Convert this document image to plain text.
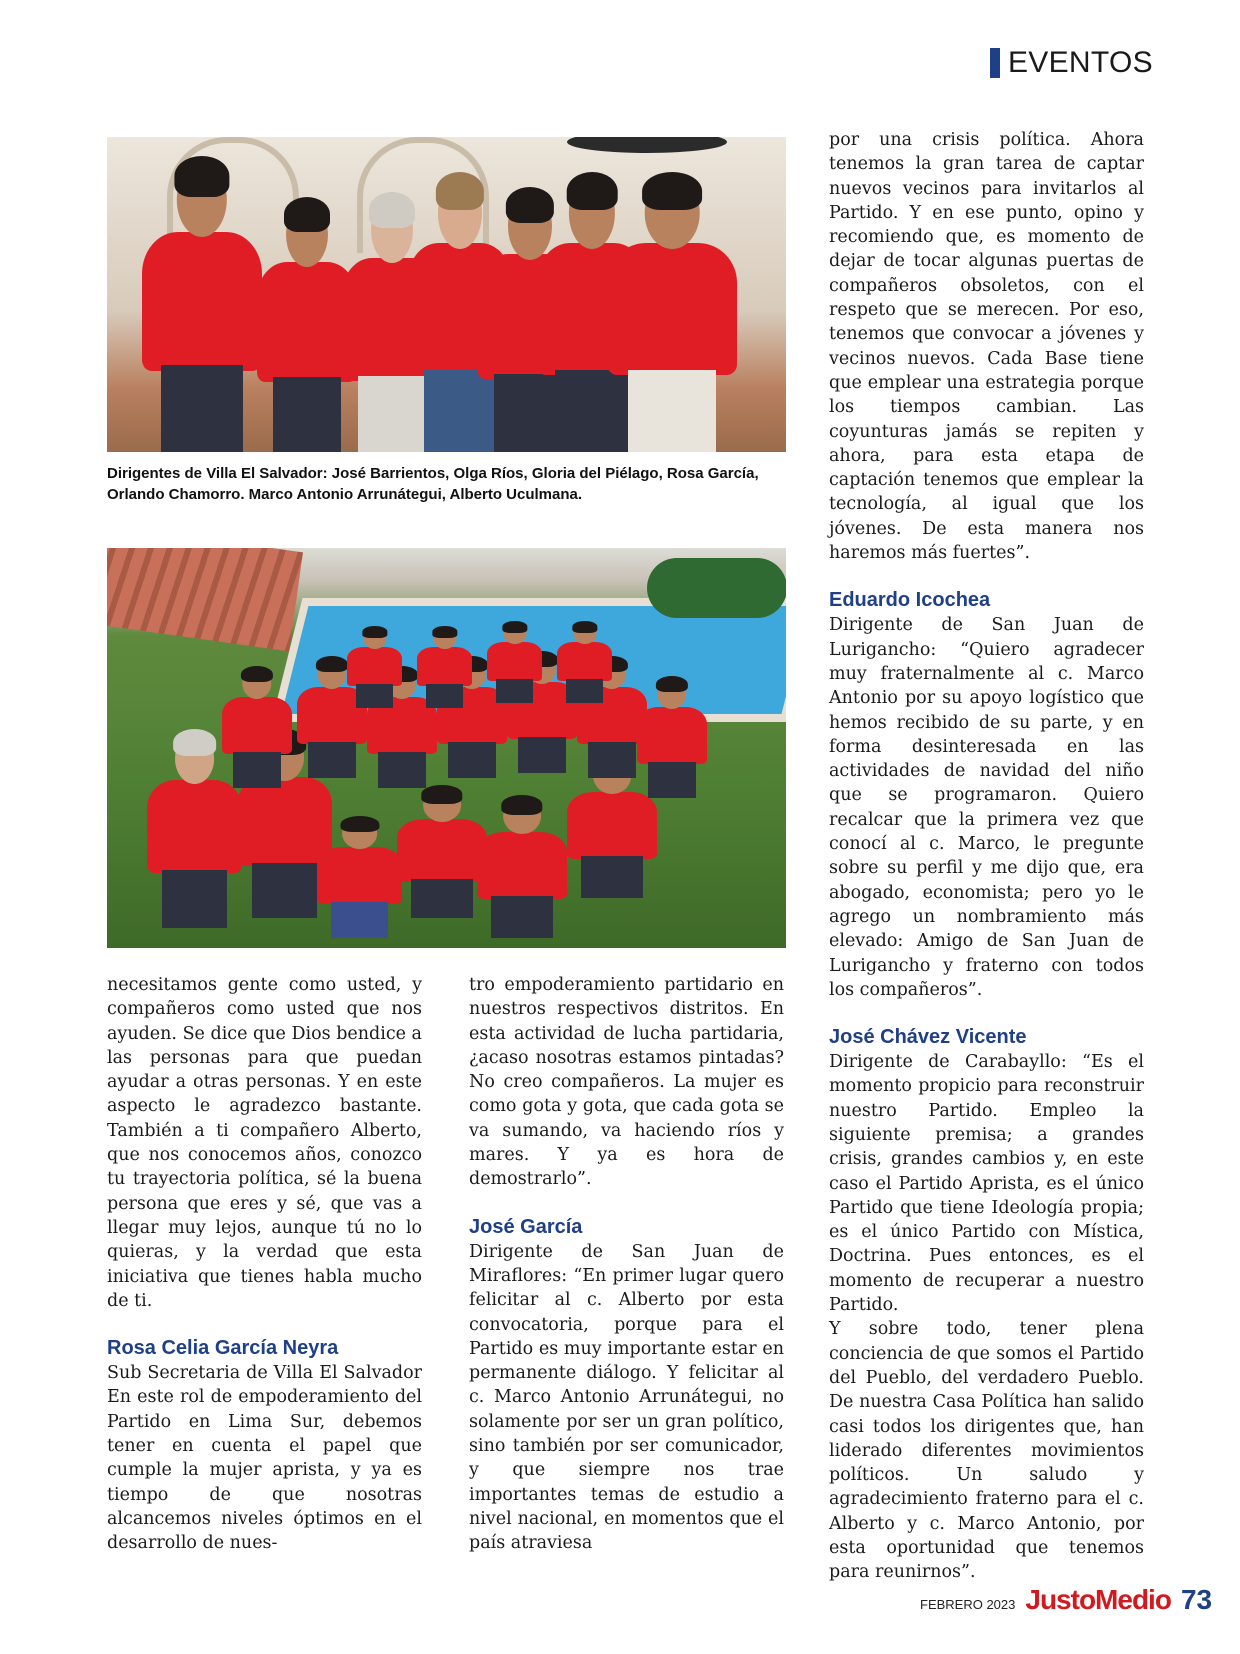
EVENTOS
Dirigentes de Villa El Salvador: José Barrientos, Olga Ríos, Gloria del Piélago, Rosa García, Orlando Chamorro. Marco Antonio Arrunátegui, Alberto Uculmana.

necesitamos gente como usted, y compañeros como usted que nos ayuden. Se dice que Dios bendice a las personas para que puedan ayudar a otras personas. Y en este aspecto le agradezco bastante. También a ti compañero Alberto, que nos conocemos años, conozco tu trayectoria política, sé la buena persona que eres y sé, que vas a llegar muy lejos, aunque tú no lo quieras, y la verdad que esta iniciativa que tienes habla mucho de ti.

Rosa Celia García Neyra

Sub Secretaria de Villa El Salvador En este rol de empoderamiento del Partido en Lima Sur, debemos tener en cuenta el papel que cumple la mujer aprista, y ya es tiempo de que nosotras alcancemos niveles óptimos en el desarrollo de nues-

tro empoderamiento partidario en nuestros respectivos distritos. En esta actividad de lucha partidaria, ¿acaso nosotras estamos pintadas? No creo compañeros. La mujer es como gota y gota, que cada gota se va sumando, va haciendo ríos y mares. Y ya es hora de demostrarlo”.

José García

Dirigente de San Juan de Miraflores: “En primer lugar quero felicitar al c. Alberto por esta convocatoria, porque para el Partido es muy importante estar en permanente diálogo. Y felicitar al c. Marco Antonio Arrunátegui, no solamente por ser un gran político, sino también por ser comunicador, y que siempre nos trae importantes temas de estudio a nivel nacional, en momentos que el país atraviesa

por una crisis política. Ahora tenemos la gran tarea de captar nuevos vecinos para invitarlos al Partido. Y en ese punto, opino y recomiendo que, es momento de dejar de tocar algunas puertas de compañeros obsoletos, con el respeto que se merecen. Por eso, tenemos que convocar a jóvenes y vecinos nuevos. Cada Base tiene que emplear una estrategia porque los tiempos cambian. Las coyunturas jamás se repiten y ahora, para esta etapa de captación tenemos que emplear la tecnología, al igual que los jóvenes. De esta manera nos haremos más fuertes”.

Eduardo Icochea

Dirigente de San Juan de Lurigancho: “Quiero agradecer muy fraternalmente al c. Marco Antonio por su apoyo logístico que hemos recibido de su parte, y en forma desinteresada en las actividades de navidad del niño que se programaron. Quiero recalcar que la primera vez que conocí al c. Marco, le pregunte sobre su perfil y me dijo que, era abogado, economista; pero yo le agrego un nombramiento más elevado: Amigo de San Juan de Lurigancho y fraterno con todos los compañeros”.

José Chávez Vicente

Dirigente de Carabayllo: “Es el momento propicio para reconstruir nuestro Partido. Empleo la siguiente premisa; a grandes crisis, grandes cambios y, en este caso el Partido Aprista, es el único Partido que tiene Ideología propia; es el único Partido con Mística, Doctrina. Pues entonces, es el momento de recuperar a nuestro Partido.

Y sobre todo, tener plena conciencia de que somos el Partido del Pueblo, del verdadero Pueblo. De nuestra Casa Política han salido casi todos los dirigentes que, han liderado diferentes movimientos políticos. Un saludo y agradecimiento fraterno para el c. Alberto y c. Marco Antonio, por esta oportunidad que tenemos para reunirnos”.

FEBRERO 2023 JustoMedio 73
